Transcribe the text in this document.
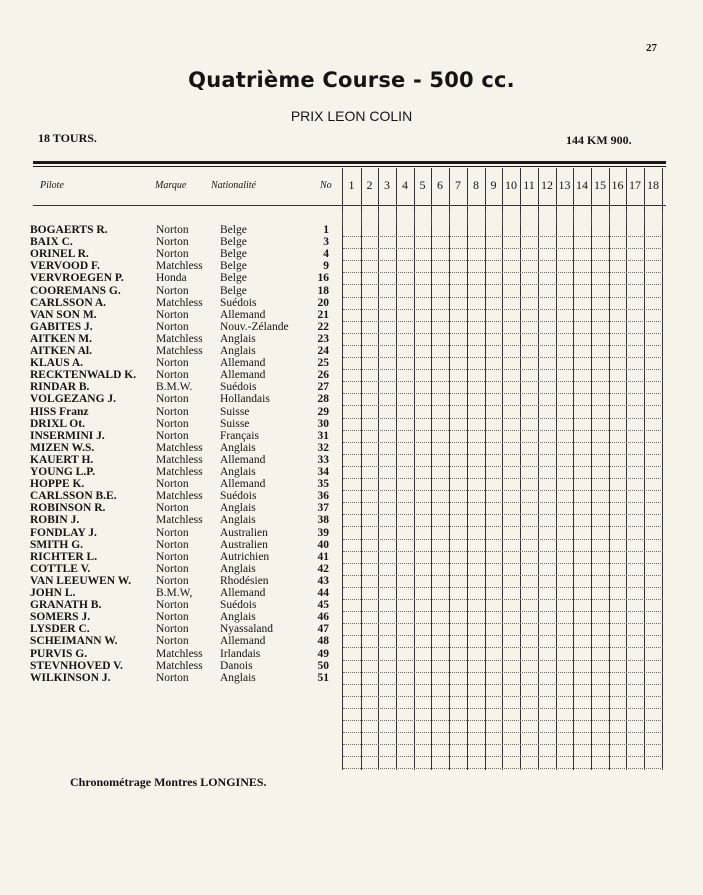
27
Quatrième Course - 500 cc.
PRIX LEON COLIN
18 TOURS.	144 KM 900.
Pilote	Marque Nationalité	No	1	2 3	4 5 6	7	8 9 10 11 12 13 14 15 16 17 18
BOGAERTS R.	Norton	Belge	1
BAIX C.	Norton	Belge	3
ORINEL R.	Norton	Belge	4
VERVOOD F.	Matchless Belge	9
VERVROEGEN P.	Honda	Belge	16
COOREMANS G.	Norton	Belge	18
CARLSSON A.	Matchless Suédois	20
VAN SON M.	Norton	Allemand	21
GABITES J.	Norton	Nouv.-Zélande	22
AITKEN M.	Matchless Anglais	23
AITKEN Al.	Matchless Anglais	24
KLAUS A.	Norton	Allemand	25
RECKTENWALD K. Norton	Allemand	26
RINDAR B.	B.M.W. Suédois	27
VOLGEZANG J.	Norton	Hollandais	28
HISS Franz	Norton	Suisse	29
DRIXL Ot.	Norton	Suisse	30
INSERMINI J.	Norton	Français	31
MIZEN W.S.	Matchless Anglais	32
KAUERT H.	Matchless Allemand	33
YOUNG L.P.	Matchless Anglais	34
HOPPE K.	Norton	Allemand	35
CARLSSON B.E.	Matchless Suédois	36
ROBINSON R.	Norton	Anglais	37
ROBIN J.	Matchless Anglais	38
FONDLAY J.	Norton	Australien	39
SMITH G.	Norton	Australien	40
RICHTER L.	Norton	Autrichien	41
COTTLE V.	Norton	Anglais	42
VAN LEEUWEN W. Norton	Rhodésien	43
JOHN L.	B.M.W, Allemand	44
GRANATH B.	Norton	Suédois	45
SOMERS J.	Norton	Anglais	46
LYSDER C.	Norton	Nyassaland	47
SCHEIMANN W.	Norton	Allemand	48
PURVIS G.	Matchless Irlandais	49
STEVNHOVED V.	Matchless Danois	50
WILKINSON J.	Norton	Anglais	51
Chronométrage Montres LONGINES.
